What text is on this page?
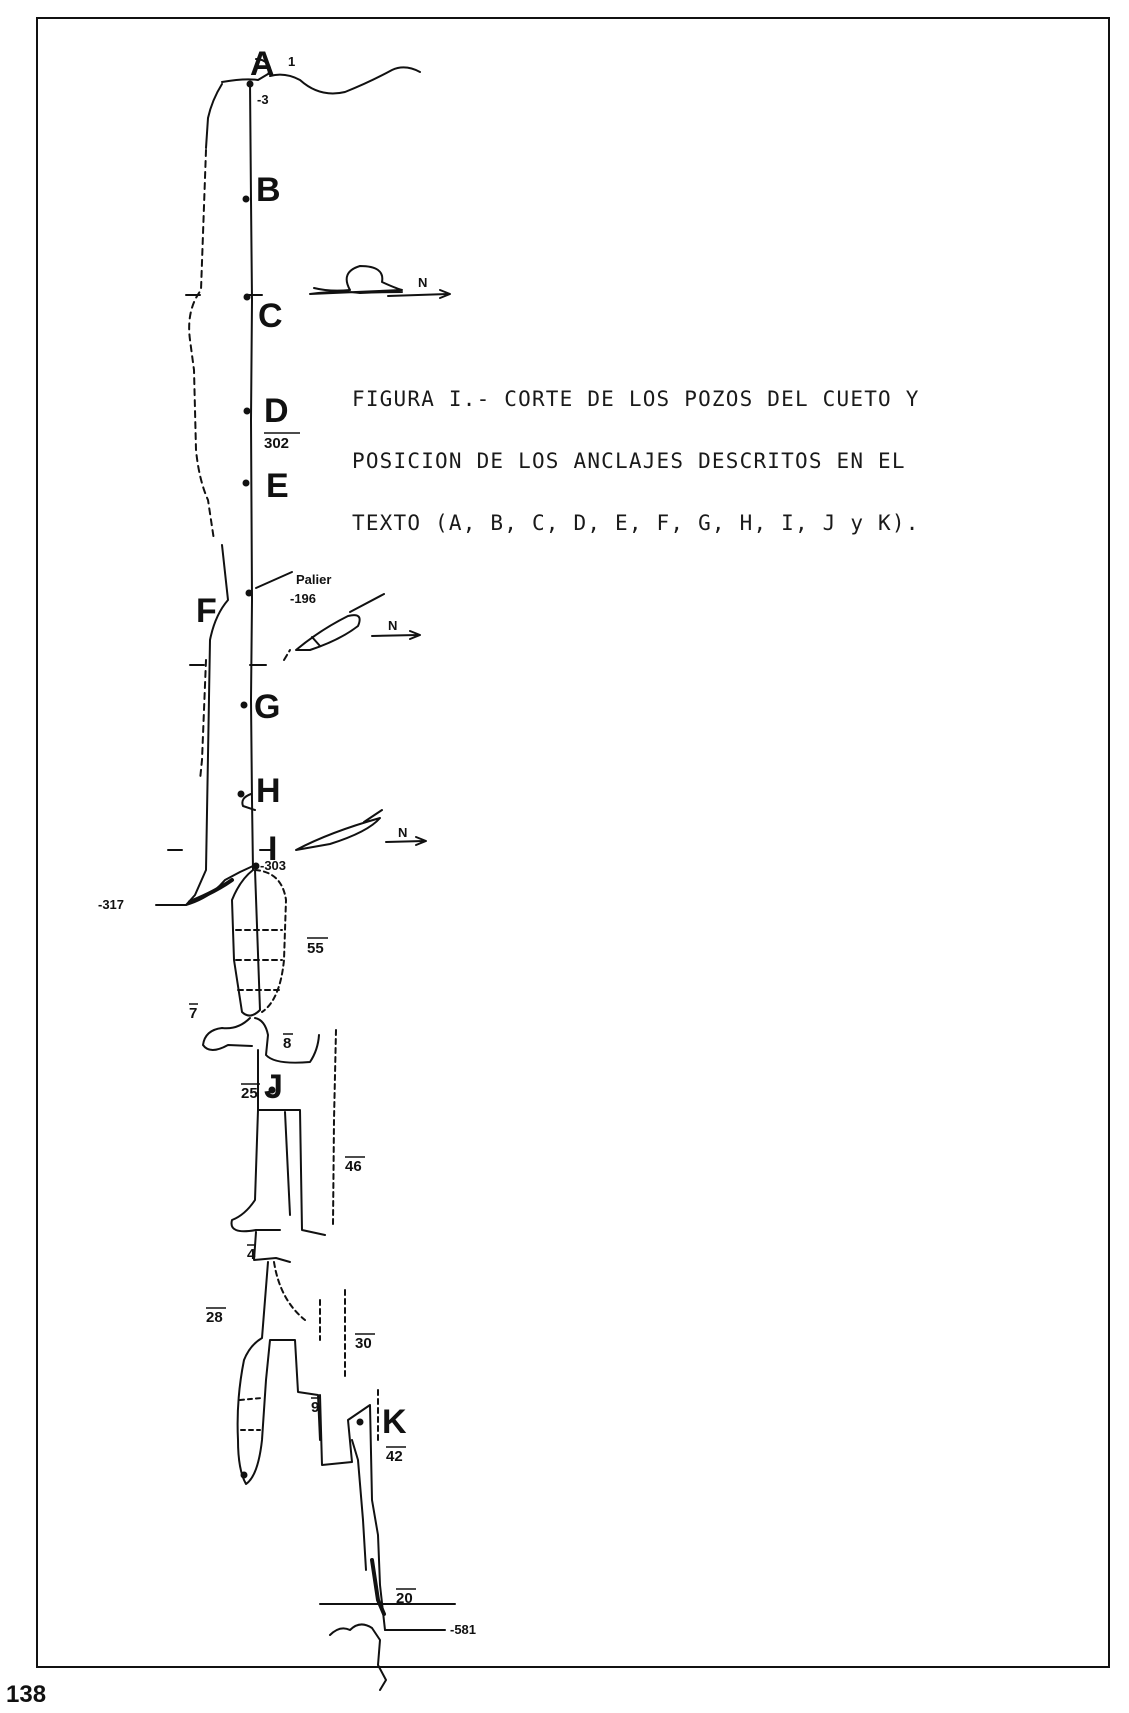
A
B
C
D
E
F
G
H
I
J
K
1
-3
Palier
-196
-303
-317
-581
302
55
7
8
25
46
4
28
30
9
42
20
N
N
N
FIGURA I.- CORTE DE LOS POZOS DEL CUETO Y
POSICION DE LOS ANCLAJES DESCRITOS EN EL
TEXTO (A, B, C, D, E, F, G, H, I, J y K).
138
